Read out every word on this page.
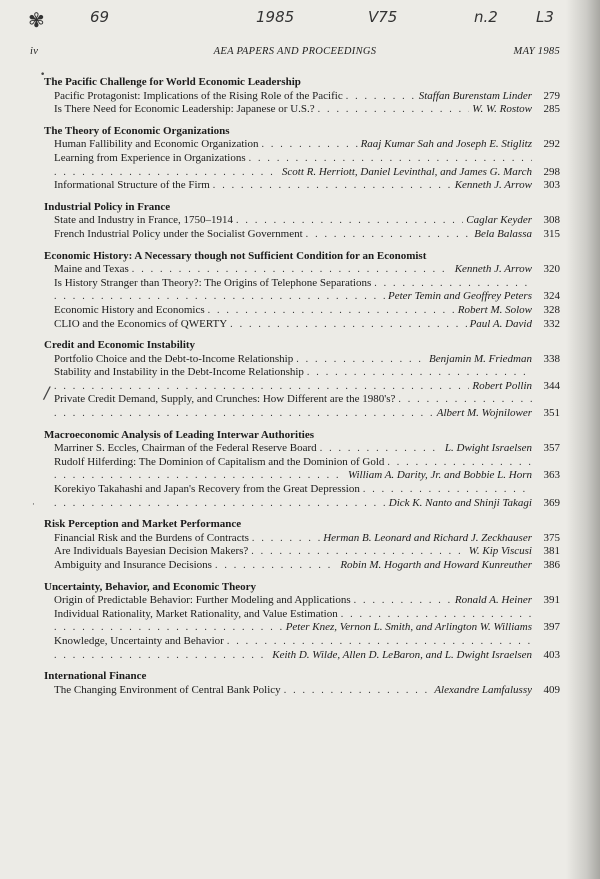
✾	69	1985	V75	n.2	L3
iv	AEA PAPERS AND PROCEEDINGS	MAY 1985
•
/
·
The Pacific Challenge for World Economic Leadership
Pacific Protagonist: Implications of the Rising Role of the Pacific . . .	Staffan Burenstam Linder	279
Is There Need for Economic Leadership: Japanese or U.S.? . . .	W. W. Rostow	285
The Theory of Economic Organizations
Human Fallibility and Economic Organization . . .	Raaj Kumar Sah and Joseph E. Stiglitz	292
Learning from Experience in Organizations
. . .
. . .
Scott R. Herriott, Daniel Levinthal, and James G. March	298
Informational Structure of the Firm . . .	Kenneth J. Arrow	303
Industrial Policy in France
State and Industry in France, 1750–1914 . . .	Caglar Keyder	308
French Industrial Policy under the Socialist Government . . .	Bela Balassa	315
Economic History: A Necessary though not Sufficient Condition for an Economist
Maine and Texas . . .	Kenneth J. Arrow	320
Is History Stranger than Theory?: The Origins of Telephone Separations
. . .
. . .
Peter Temin and Geoffrey Peters	324
Economic History and Economics . . .	Robert M. Solow	328
CLIO and the Economics of QWERTY . . .	Paul A. David	332
Credit and Economic Instability
Portfolio Choice and the Debt-to-Income Relationship . . .	Benjamin M. Friedman	338
Stability and Instability in the Debt-Income Relationship
. . .
. . .
Robert Pollin	344
Private Credit Demand, Supply, and Crunches: How Different are the 1980's?
. . .
. . .
Albert M. Wojnilower	351
Macroeconomic Analysis of Leading Interwar Authorities
Marriner S. Eccles, Chairman of the Federal Reserve Board . . .	L. Dwight Israelsen	357
Rudolf Hilferding: The Dominion of Capitalism and the Dominion of Gold
. . .
. . .
William A. Darity, Jr. and Bobbie L. Horn	363
Korekiyo Takahashi and Japan's Recovery from the Great Depression
. . .
. . .
Dick K. Nanto and Shinji Takagi	369
Risk Perception and Market Performance
Financial Risk and the Burdens of Contracts . . .	Herman B. Leonard and Richard J. Zeckhauser	375
Are Individuals Bayesian Decision Makers? . . .	W. Kip Viscusi	381
Ambiguity and Insurance Decisions . . .	Robin M. Hogarth and Howard Kunreuther	386
Uncertainty, Behavior, and Economic Theory
Origin of Predictable Behavior: Further Modeling and Applications . . .	Ronald A. Heiner	391
Individual Rationality, Market Rationality, and Value Estimation
. . .
. . .
Peter Knez, Vernon L. Smith, and Arlington W. Williams	397
Knowledge, Uncertainty and Behavior
. . .
. . .
Keith D. Wilde, Allen D. LeBaron, and L. Dwight Israelsen	403
International Finance
The Changing Environment of Central Bank Policy . . .	Alexandre Lamfalussy	409
